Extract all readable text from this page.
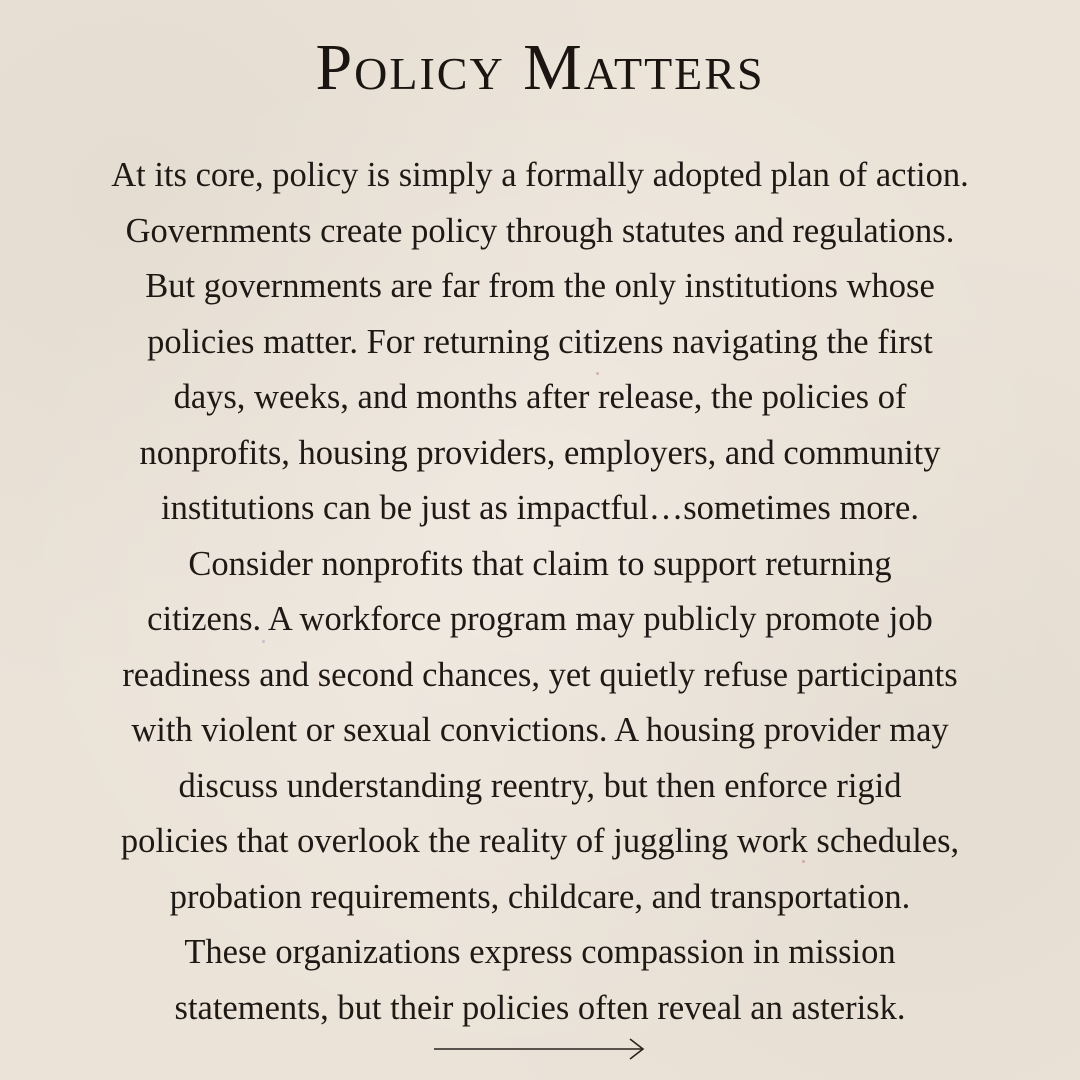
Policy Matters
At its core, policy is simply a formally adopted plan of action.
Governments create policy through statutes and regulations.
But governments are far from the only institutions whose
policies matter. For returning citizens navigating the first
days, weeks, and months after release, the policies of
nonprofits, housing providers, employers, and community
institutions can be just as impactful…sometimes more.
Consider nonprofits that claim to support returning
citizens. A workforce program may publicly promote job
readiness and second chances, yet quietly refuse participants
with violent or sexual convictions. A housing provider may
discuss understanding reentry, but then enforce rigid
policies that overlook the reality of juggling work schedules,
probation requirements, childcare, and transportation.
These organizations express compassion in mission
statements, but their policies often reveal an asterisk.
